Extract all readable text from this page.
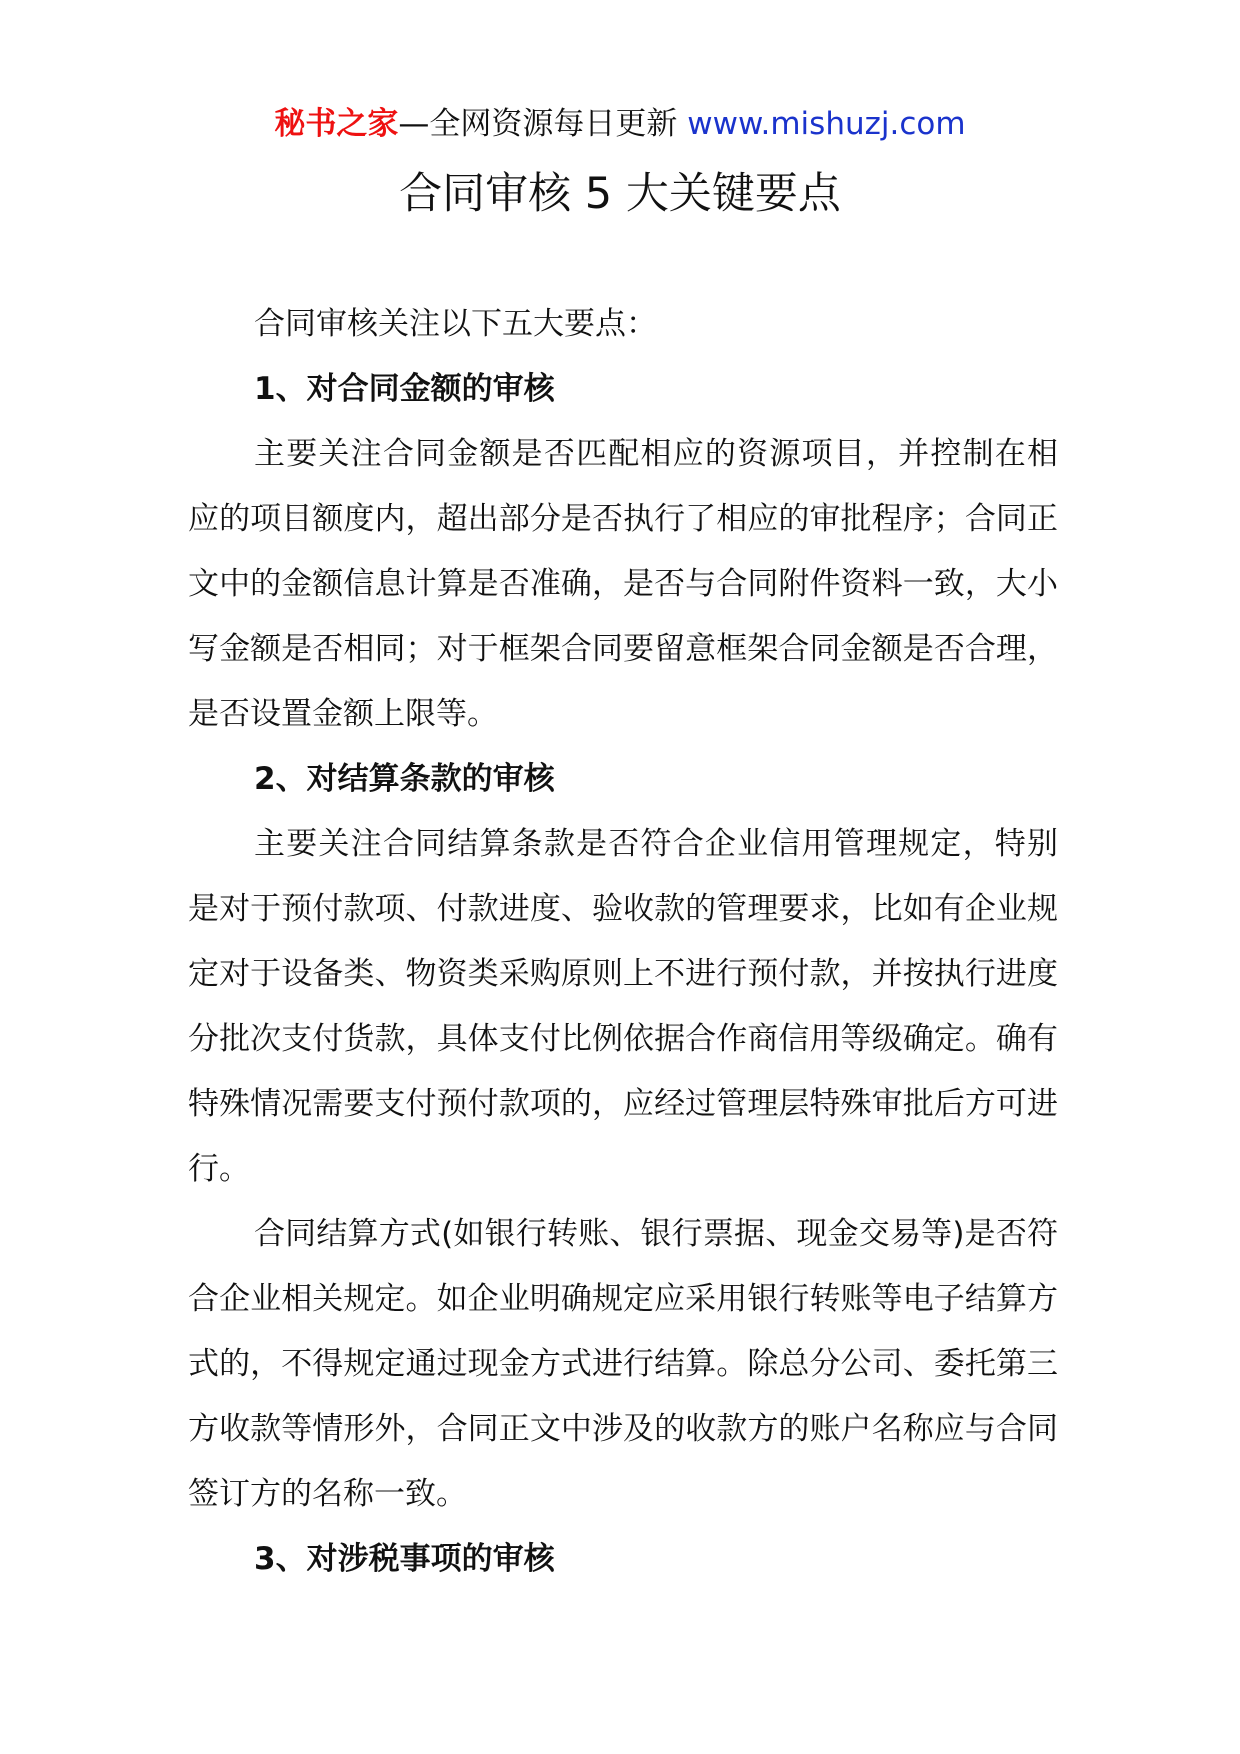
秘书之家—全网资源每日更新 www.mishuzj.com
合同审核 5 大关键要点

合同审核关注以下五大要点：

1、对合同金额的审核

主要关注合同金额是否匹配相应的资源项目，并控制在相应的项目额度内，超出部分是否执行了相应的审批程序；合同正文中的金额信息计算是否准确，是否与合同附件资料一致，大小写金额是否相同；对于框架合同要留意框架合同金额是否合理，是否设置金额上限等。

2、对结算条款的审核

主要关注合同结算条款是否符合企业信用管理规定，特别是对于预付款项、付款进度、验收款的管理要求，比如有企业规定对于设备类、物资类采购原则上不进行预付款，并按执行进度分批次支付货款，具体支付比例依据合作商信用等级确定。确有特殊情况需要支付预付款项的，应经过管理层特殊审批后方可进行。

合同结算方式(如银行转账、银行票据、现金交易等)是否符合企业相关规定。如企业明确规定应采用银行转账等电子结算方式的，不得规定通过现金方式进行结算。除总分公司、委托第三方收款等情形外，合同正文中涉及的收款方的账户名称应与合同签订方的名称一致。

3、对涉税事项的审核
